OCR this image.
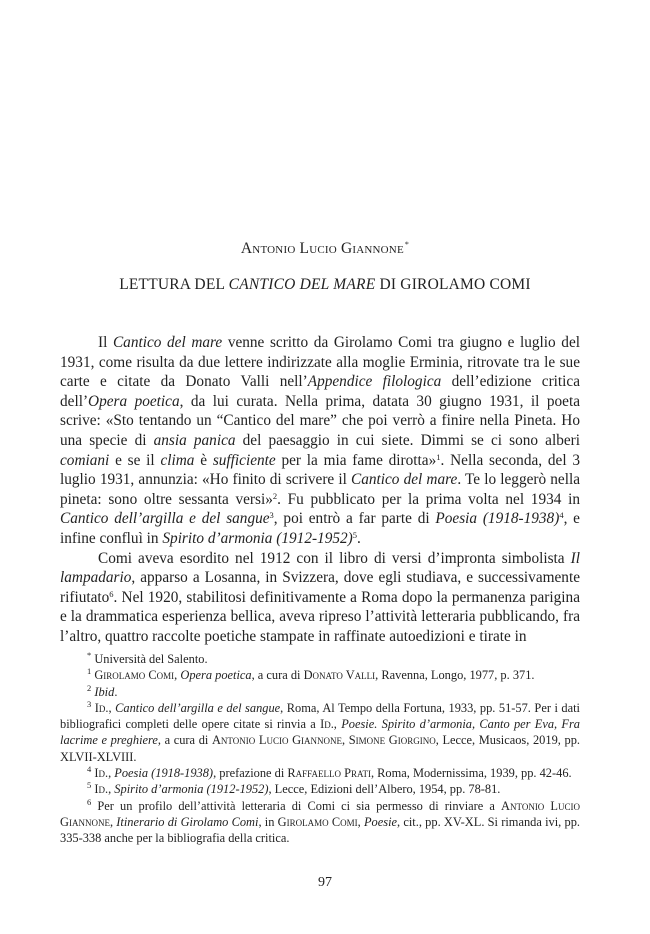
Antonio Lucio Giannone*
LETTURA DEL CANTICO DEL MARE DI GIROLAMO COMI

Il Cantico del mare venne scritto da Girolamo Comi tra giugno e luglio del 1931, come risulta da due lettere indirizzate alla moglie Erminia, ritrovate tra le sue carte e citate da Donato Valli nell’Appendice filologica dell’edizione critica dell’Opera poetica, da lui curata. Nella prima, datata 30 giugno 1931, il poeta scrive: «Sto tentando un “Cantico del mare” che poi verrò a finire nella Pineta. Ho una specie di ansia panica del paesaggio in cui siete. Dimmi se ci sono alberi comiani e se il clima è sufficiente per la mia fame dirotta»$^1$. Nella seconda, del 3 luglio 1931, annunzia: «Ho finito di scrivere il Cantico del mare. Te lo leggerò nella pineta: sono oltre sessanta versi»$^2$. Fu pubblicato per la prima volta nel 1934 in Cantico dell’argilla e del sangue$^3$, poi entrò a far parte di Poesia (1918-1938)$^4$, e infine confluì in Spirito d’armonia (1912-1952)$^5$.

Comi aveva esordito nel 1912 con il libro di versi d’impronta simbolista Il lampadario, apparso a Losanna, in Svizzera, dove egli studiava, e successivamente rifiutato$^6$. Nel 1920, stabilitosi definitivamente a Roma dopo la permanenza parigina e la drammatica esperienza bellica, aveva ripreso l’attività letteraria pubblicando, fra l’altro, quattro raccolte poetiche stampate in raffinate autoedizioni e tirate in

* Università del Salento.

$^1$ Girolamo Comi, Opera poetica, a cura di Donato Valli, Ravenna, Longo, 1977, p. 371.

$^2$ Ibid.

$^3$ Id., Cantico dell’argilla e del sangue, Roma, Al Tempo della Fortuna, 1933, pp. 51-57. Per i dati bibliografici completi delle opere citate si rinvia a Id., Poesie. Spirito d’armonia, Canto per Eva, Fra lacrime e preghiere, a cura di Antonio Lucio Giannone, Simone Giorgino, Lecce, Musicaos, 2019, pp. XLVII-XLVIII.

$^4$ Id., Poesia (1918-1938), prefazione di Raffaello Prati, Roma, Modernissima, 1939, pp. 42-46.

$^5$ Id., Spirito d’armonia (1912-1952), Lecce, Edizioni dell’Albero, 1954, pp. 78-81.

$^6$ Per un profilo dell’attività letteraria di Comi ci sia permesso di rinviare a Antonio Lucio Giannone, Itinerario di Girolamo Comi, in Girolamo Comi, Poesie, cit., pp. XV-XL. Si rimanda ivi, pp. 335-338 anche per la bibliografia della critica.

97
